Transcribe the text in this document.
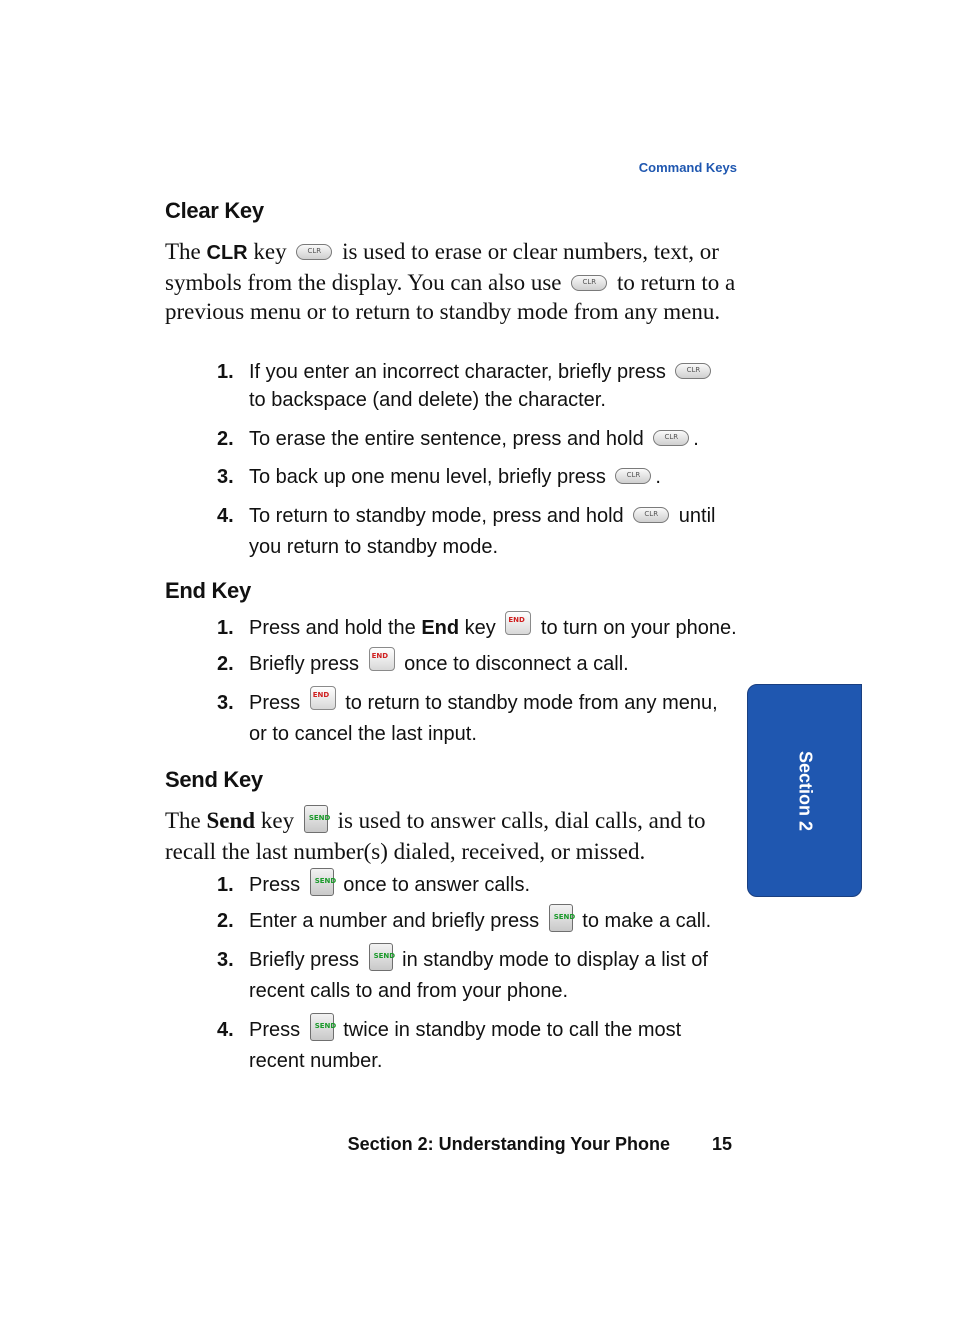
Command Keys
Clear Key

The CLR key	CLR is used to erase or clear numbers, text, or symbols from the display. You can also use	CLR to return to a previous menu or to return to standby mode from any menu.

1. If you enter an incorrect character, briefly press	CLR
to backspace (and delete) the character.
2. To erase the entire sentence, press and hold	CLR .
3. To back up one menu level, briefly press	CLR .
4. To return to standby mode, press and hold	CLR until you return to standby mode.
End Key
1. Press and hold the End key END to turn on your phone.
2. Briefly press END once to disconnect a call.
3. Press END to return to standby mode from any menu, or to cancel the last input.
Send Key

The Send key SEND is used to answer calls, dial calls, and to recall the last number(s) dialed, received, or missed.

1. Press SEND once to answer calls.
2. Enter a number and briefly press SEND to make a call.
3. Briefly press SEND in standby mode to display a list of recent calls to and from your phone.
4. Press SEND twice in standby mode to call the most recent number.
Section 2
Section 2: Understanding Your Phone 15
